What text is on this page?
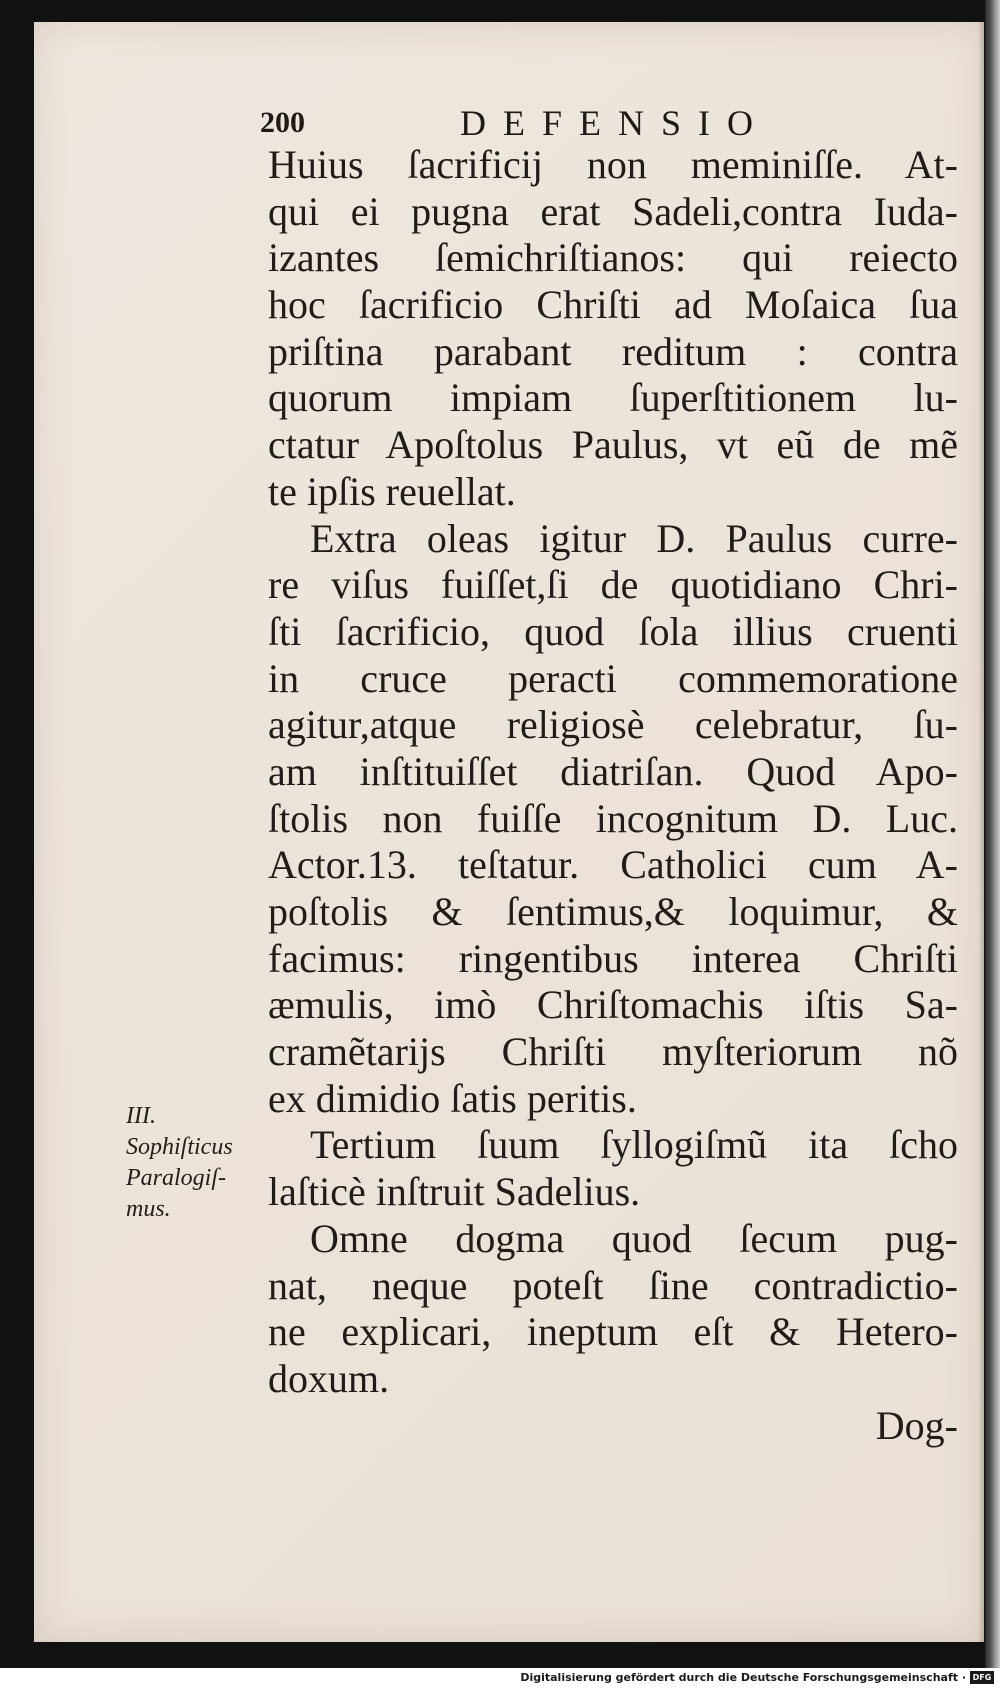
200	DEFENSIO
Huius ſacrificij non meminiſſe. At-
qui ei pugna erat Sadeli,contra Iuda-
izantes ſemichriſtianos: qui reiecto
hoc ſacrificio Chriſti ad Moſaica ſua
priſtina parabant reditum : contra
quorum impiam ſuperſtitionem lu-
ctatur Apoſtolus Paulus, vt eũ de mẽ
te ipſis reuellat.
Extra oleas igitur D. Paulus curre-
re viſus fuiſſet,ſi de quotidiano Chri-
ſti ſacrificio, quod ſola illius cruenti
in cruce peracti commemoratione
agitur,atque religiosè celebratur, ſu-
am inſtituiſſet diatriſan. Quod Apo-
ſtolis non fuiſſe incognitum D. Luc.
Actor.13. teſtatur. Catholici cum A-
poſtolis & ſentimus,& loquimur, &
facimus: ringentibus interea Chriſti
æmulis, imò Chriſtomachis iſtis Sa-
cramẽtarijs Chriſti myſteriorum nõ
ex dimidio ſatis peritis.
Tertium ſuum ſyllogiſmũ ita ſcho
laſticè inſtruit Sadelius.
Omne dogma quod ſecum pug-
nat, neque poteſt ſine contradictio-
ne explicari, ineptum eſt & Hetero-
doxum.
Dog-
III.
Sophiſticus
Paralogiſ-
mus.
Digitalisierung gefördert durch die Deutsche Forschungsgemeinschaft · DFG
